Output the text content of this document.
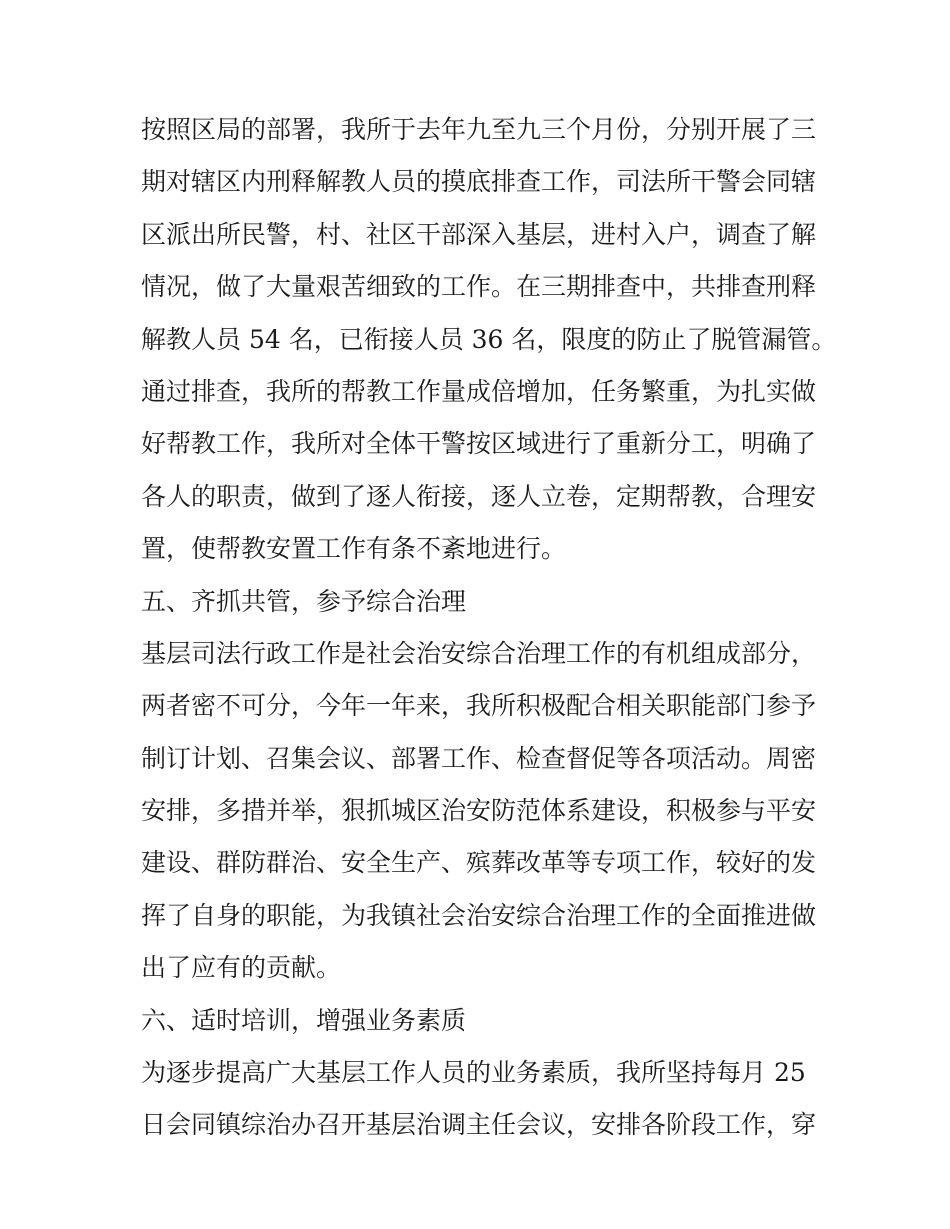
按照区局的部署，我所于去年九至九三个月份，分别开展了三
期对辖区内刑释解教人员的摸底排查工作，司法所干警会同辖
区派出所民警，村、社区干部深入基层，进村入户，调查了解
情况，做了大量艰苦细致的工作。在三期排查中，共排查刑释
解教人员 54 名，已衔接人员 36 名，限度的防止了脱管漏管。
通过排查，我所的帮教工作量成倍增加，任务繁重，为扎实做
好帮教工作，我所对全体干警按区域进行了重新分工，明确了
各人的职责，做到了逐人衔接，逐人立卷，定期帮教，合理安
置，使帮教安置工作有条不紊地进行。
五、齐抓共管，参予综合治理
基层司法行政工作是社会治安综合治理工作的有机组成部分，
两者密不可分，今年一年来，我所积极配合相关职能部门参予
制订计划、召集会议、部署工作、检查督促等各项活动。周密
安排，多措并举，狠抓城区治安防范体系建设，积极参与平安
建设、群防群治、安全生产、殡葬改革等专项工作，较好的发
挥了自身的职能，为我镇社会治安综合治理工作的全面推进做
出了应有的贡献。
六、适时培训，增强业务素质
为逐步提高广大基层工作人员的业务素质，我所坚持每月 25
日会同镇综治办召开基层治调主任会议，安排各阶段工作，穿
